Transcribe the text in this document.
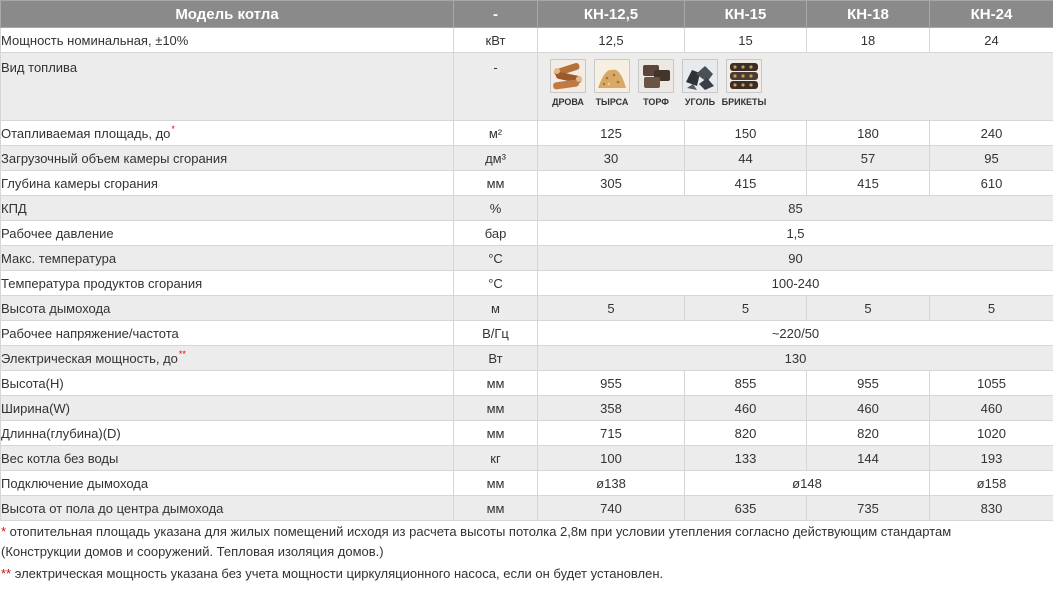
Модель котла	-	КН-12,5	КН-15	КН-18	КН-24
Мощность номинальная, ±10%	кВт	12,5	15	18	24
Вид топлива	-	ДРОВА ТЫРСА ТОРФ УГОЛЬ БРИКЕТЫ			

Отапливаемая площадь, до*	м²	125	150	180	240
Загрузочный объем камеры сгорания	дм³	30	44	57	95
Глубина камеры сгорания	мм	305	415	415	610
КПД	%	85			
Рабочее давление	бар	1,5			
Макс. температура	°C	90			
Температура продуктов сгорания	°C	100-240			
Высота дымохода	м	5	5	5	5
Рабочее напряжение/частота	В/Гц	~220/50			
Электрическая мощность, до**	Вт	130			
Высота(H)	мм	955	855	955	1055
Ширина(W)	мм	358	460	460	460
Длинна(глубина)(D)	мм	715	820	820	1020
Вес котла без воды	кг	100	133	144	193
Подключение дымохода	мм	ø138	ø148		ø158
Высота от пола до центра дымохода	мм	740	635	735	830

* отопительная площадь указана для жилых помещений исходя из расчета высоты потолка 2,8м при условии утепления согласно действующим стандартам

(Конструкции домов и сооружений. Тепловая изоляция домов.)

** электрическая мощность указана без учета мощности циркуляционного насоса, если он будет установлен.
